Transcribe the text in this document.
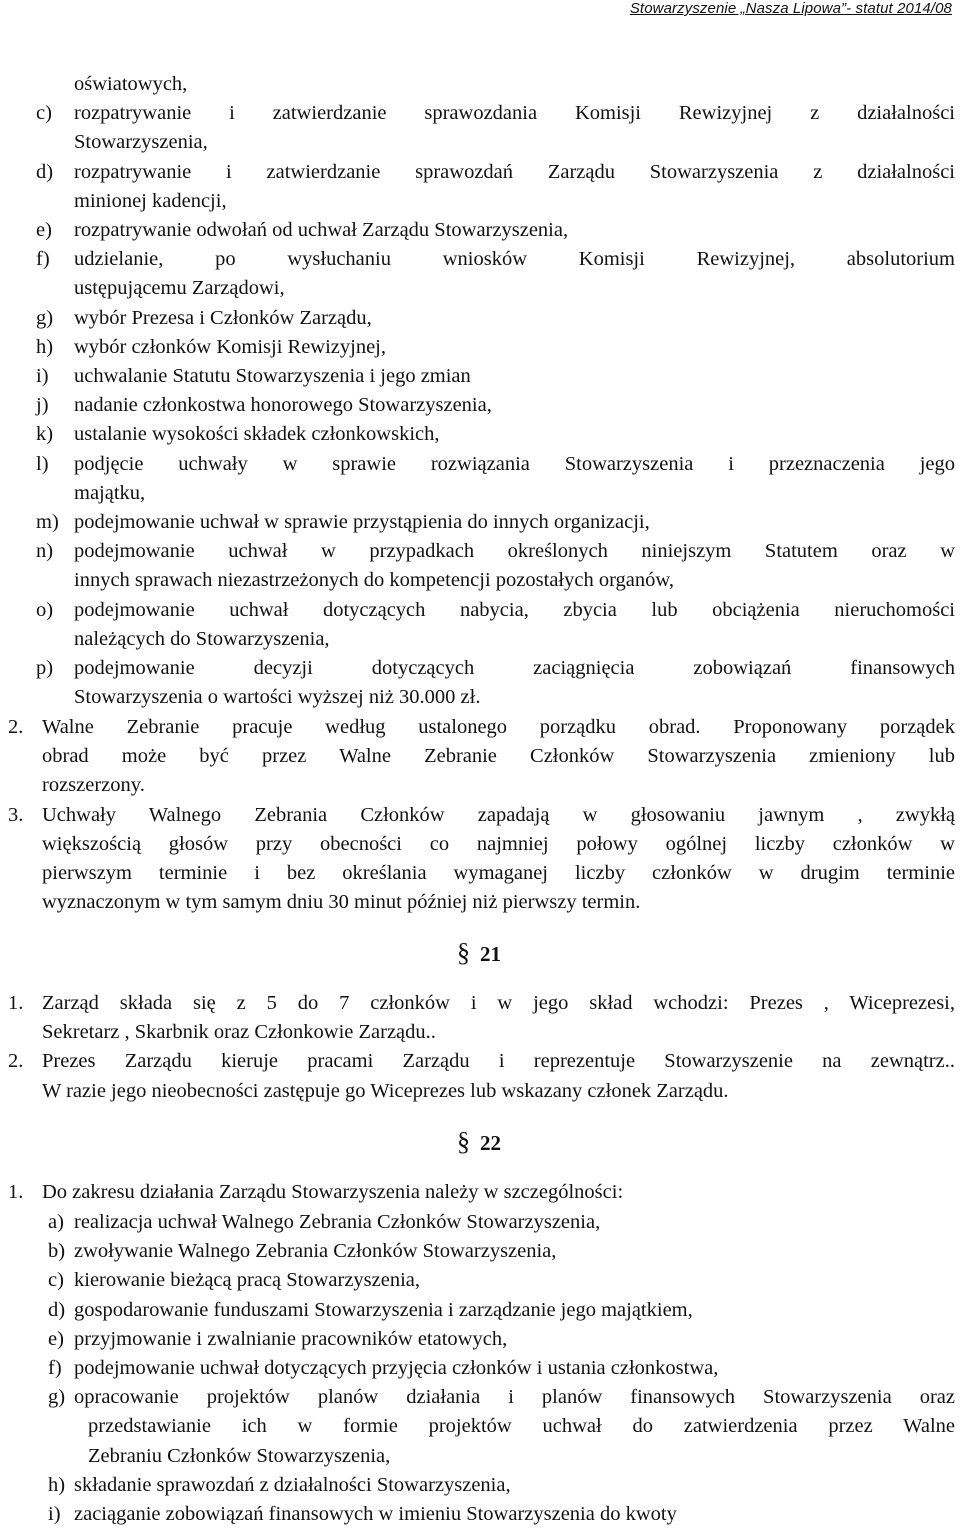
Stowarzyszenie „Nasza Lipowa”- statut 2014/08
oświatowych,
c) rozpatrywanie i zatwierdzanie sprawozdania Komisji Rewizyjnej z działalności
Stowarzyszenia,
d) rozpatrywanie i zatwierdzanie sprawozdań Zarządu Stowarzyszenia z działalności
minionej kadencji,
e) rozpatrywanie odwołań od uchwał Zarządu Stowarzyszenia,
f) udzielanie, po wysłuchaniu wniosków Komisji Rewizyjnej, absolutorium
ustępującemu Zarządowi,
g) wybór Prezesa i Członków Zarządu,
h) wybór członków Komisji Rewizyjnej,
i) uchwalanie Statutu Stowarzyszenia i jego zmian
j) nadanie członkostwa honorowego Stowarzyszenia,
k) ustalanie wysokości składek członkowskich,
l) podjęcie uchwały w sprawie rozwiązania Stowarzyszenia i przeznaczenia jego
majątku,
m) podejmowanie uchwał w sprawie przystąpienia do innych organizacji,
n) podejmowanie uchwał w przypadkach określonych niniejszym Statutem oraz w
innych sprawach niezastrzeżonych do kompetencji pozostałych organów,
o) podejmowanie uchwał dotyczących nabycia, zbycia lub obciążenia nieruchomości
należących do Stowarzyszenia,
p) podejmowanie decyzji dotyczących zaciągnięcia zobowiązań finansowych
Stowarzyszenia o wartości wyższej niż 30.000 zł.
2. Walne Zebranie pracuje według ustalonego porządku obrad. Proponowany porządek
obrad może być przez Walne Zebranie Członków Stowarzyszenia zmieniony lub
rozszerzony.
3. Uchwały Walnego Zebrania Członków zapadają w głosowaniu jawnym , zwykłą
większością głosów przy obecności co najmniej połowy ogólnej liczby członków w
pierwszym terminie i bez określania wymaganej liczby członków w drugim terminie
wyznaczonym w tym samym dniu 30 minut później niż pierwszy termin.
1. Zarząd składa się z 5 do 7 członków i w jego skład wchodzi: Prezes , Wiceprezesi,
Sekretarz , Skarbnik oraz Członkowie Zarządu..
2. Prezes Zarządu kieruje pracami Zarządu i reprezentuje Stowarzyszenie na zewnątrz..
W razie jego nieobecności zastępuje go Wiceprezes lub wskazany członek Zarządu.
1. Do zakresu działania Zarządu Stowarzyszenia należy w szczególności:
a) realizacja uchwał Walnego Zebrania Członków Stowarzyszenia,
b) zwoływanie Walnego Zebrania Członków Stowarzyszenia,
c) kierowanie bieżącą pracą Stowarzyszenia,
d) gospodarowanie funduszami Stowarzyszenia i zarządzanie jego majątkiem,
e) przyjmowanie i zwalnianie pracowników etatowych,
f) podejmowanie uchwał dotyczących przyjęcia członków i ustania członkostwa,
g) opracowanie projektów planów działania i planów finansowych Stowarzyszenia oraz
przedstawianie ich w formie projektów uchwał do zatwierdzenia przez Walne
Zebraniu Członków Stowarzyszenia,
h) składanie sprawozdań z działalności Stowarzyszenia,
i) zaciąganie zobowiązań finansowych w imieniu Stowarzyszenia do kwoty
§ 21
§ 22
